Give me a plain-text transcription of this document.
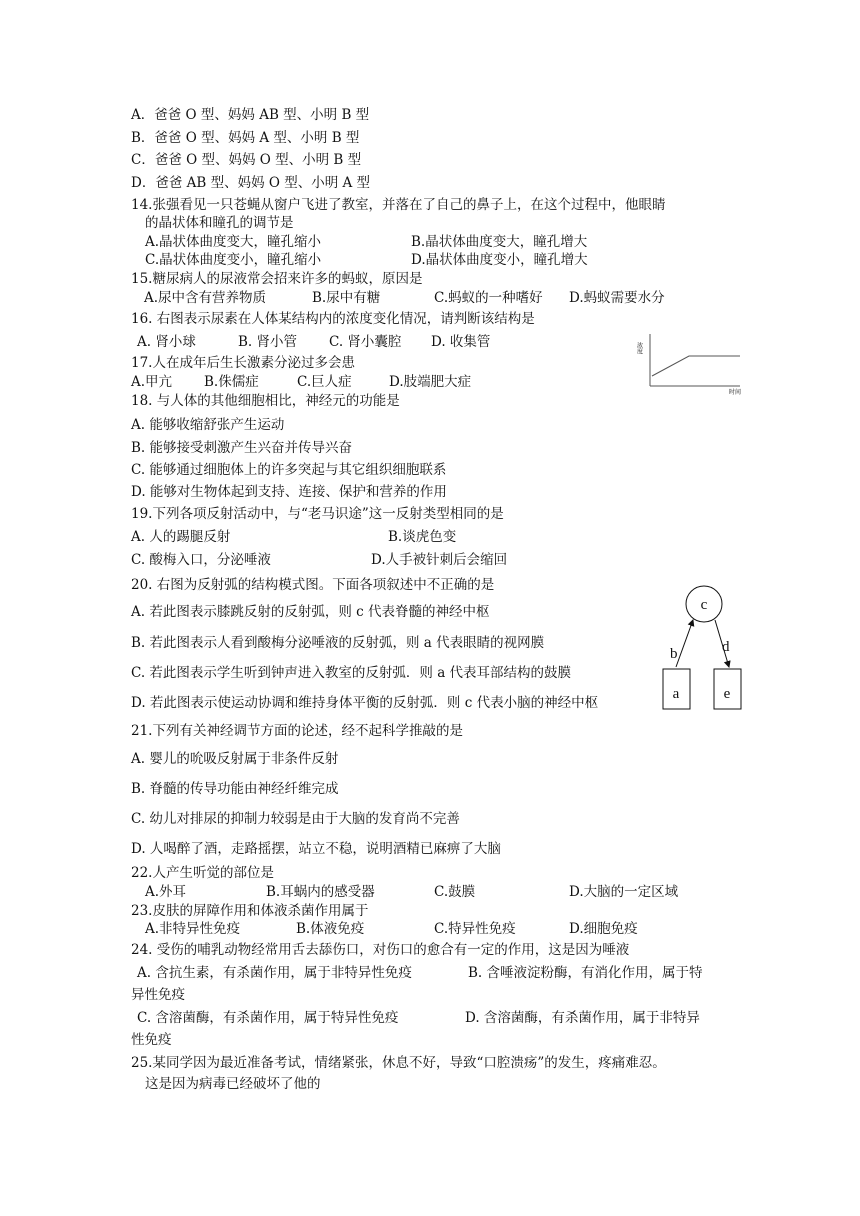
A．爸爸 O 型、妈妈 AB 型、小明 B 型
B．爸爸 O 型、妈妈 A 型、小明 B 型
C．爸爸 O 型、妈妈 O 型、小明 B 型
D．爸爸 AB 型、妈妈 O 型、小明 A 型
14.张强看见一只苍蝇从窗户飞进了教室，并落在了自己的鼻子上，在这个过程中，他眼睛
的晶状体和瞳孔的调节是
A.晶状体曲度变大，瞳孔缩小	B.晶状体曲度变大，瞳孔增大
C.晶状体曲度变小，瞳孔缩小	D.晶状体曲度变小，瞳孔增大
15.糖尿病人的尿液常会招来许多的蚂蚁，原因是
A.尿中含有营养物质	B.尿中有糖	C.蚂蚁的一种嗜好 D.蚂蚁需要水分
16. 右图表示尿素在人体某结构内的浓度变化情况，请判断该结构是
A. 肾小球	B. 肾小管 C. 肾小囊腔 D. 收集管
17.人在成年后生长激素分泌过多会患
A.甲亢 B.侏儒症	C.巨人症	D.肢端肥大症
18. 与人体的其他细胞相比，神经元的功能是
A. 能够收缩舒张产生运动
B. 能够接受刺激产生兴奋并传导兴奋
C. 能够通过细胞体上的许多突起与其它组织细胞联系
D. 能够对生物体起到支持、连接、保护和营养的作用
19.下列各项反射活动中，与“老马识途”这一反射类型相同的是
A. 人的踢腿反射	B.谈虎色变
C. 酸梅入口，分泌唾液	D.人手被针刺后会缩回
20. 右图为反射弧的结构模式图。下面各项叙述中不正确的是
A. 若此图表示膝跳反射的反射弧，则 c 代表脊髓的神经中枢
B. 若此图表示人看到酸梅分泌唾液的反射弧，则 a 代表眼睛的视网膜
C. 若此图表示学生听到钟声进入教室的反射弧．则 a 代表耳部结构的鼓膜
D. 若此图表示使运动协调和维持身体平衡的反射弧．则 c 代表小脑的神经中枢
21.下列有关神经调节方面的论述，经不起科学推敲的是
A. 婴儿的吮吸反射属于非条件反射
B. 脊髓的传导功能由神经纤维完成
C. 幼儿对排尿的抑制力较弱是由于大脑的发育尚不完善
D. 人喝醉了酒，走路摇摆，站立不稳，说明酒精已麻痹了大脑
22.人产生听觉的部位是
A.外耳	B.耳蜗内的感受器	C.鼓膜	D.大脑的一定区域
23.皮肤的屏障作用和体液杀菌作用属于
A.非特异性免疫	B.体液免疫	C.特异性免疫	D.细胞免疫
24. 受伤的哺乳动物经常用舌去舔伤口，对伤口的愈合有一定的作用，这是因为唾液
A. 含抗生素，有杀菌作用，属于非特异性免疫	B. 含唾液淀粉酶，有消化作用，属于特
异性免疫
C. 含溶菌酶，有杀菌作用，属于特异性免疫	D. 含溶菌酶，有杀菌作用，属于非特异
性免疫
25.某同学因为最近准备考试，情绪紧张，休息不好，导致“口腔溃疡”的发生，疼痛难忍。
这是因为病毒已经破坏了他的
浓度
时间
c
b	d
a	e
